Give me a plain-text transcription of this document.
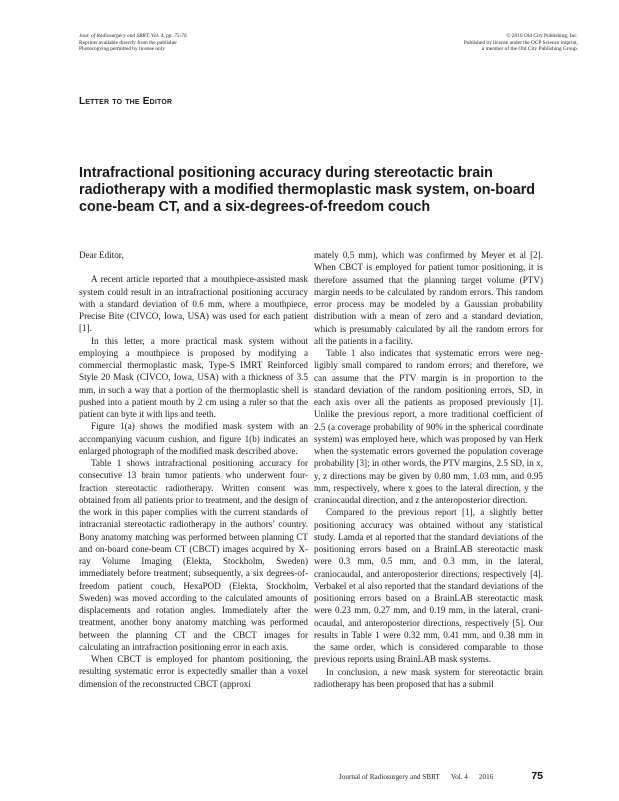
Jour. of Radiosurgery and SBRT, Vol. 4, pp. 75-76
Reprints available directly from the publisher
Photocopying permitted by license only
© 2016 Old City Publishing, Inc.
Published by license under the OCP Science imprint,
a member of the Old City Publishing Group.
Letter to the Editor
Intrafractional positioning accuracy during stereotactic brain radiotherapy with a modified thermoplastic mask system, on-board cone-beam CT, and a six-degrees-of-freedom couch

Dear Editor,

A recent article reported that a mouthpiece-assisted mask system could result in an intrafractional positioning accuracy with a standard deviation of 0.6 mm, where a mouthpiece, Precise Bite (CIVCO, Iowa, USA) was used for each patient [1].

In this letter, a more practical mask system without employing a mouthpiece is proposed by modifying a commercial thermoplastic mask, Type-S IMRT Reinforced Style 20 Mask (CIVCO, Iowa, USA) with a thickness of 3.5 mm, in such a way that a portion of the thermoplastic shell is pushed into a patient mouth by 2 cm using a ruler so that the patient can byte it with lips and teeth.

Figure 1(a) shows the modified mask system with an accompanying vacuum cushion, and figure 1(b) indicates an enlarged photograph of the modified mask described above.

Table 1 shows intrafractional positioning accuracy for consecutive 13 brain tumor patients who underwent four-fraction stereotactic radiotherapy. Written consent was obtained from all patients prior to treatment, and the design of the work in this paper complies with the current standards of intracranial stereotactic radiotherapy in the authors’ country. Bony anatomy matching was performed between planning CT and on-board cone-beam CT (CBCT) images acquired by X-ray Volume Imaging (Elekta, Stockholm, Sweden) immediately before treatment; subsequently, a six degrees-of-freedom patient couch, HexaPOD (Elekta, Stockholm, Sweden) was moved according to the calculated amounts of displacements and rotation angles. Immediately after the treatment, another bony anatomy matching was performed between the planning CT and the CBCT images for calculating an intrafraction positioning error in each axis.

When CBCT is employed for phantom positioning, the resulting systematic error is expectedly smaller than a voxel dimension of the reconstructed CBCT (approxi

mately 0.5 mm), which was confirmed by Meyer et al [2]. When CBCT is employed for patient tumor positioning, it is therefore assumed that the planning target volume (PTV) margin needs to be calculated by random errors. This random error process may be modeled by a Gaussian probability distribution with a mean of zero and a standard deviation, which is presumably calculated by all the random errors for all the patients in a facility.

Table 1 also indicates that systematic errors were negligibly small compared to random errors; and therefore, we can assume that the PTV margin is in proportion to the standard deviation of the random positioning errors, SD, in each axis over all the patients as proposed previously [1]. Unlike the previous report, a more traditional coefficient of 2.5 (a coverage probability of 90% in the spherical coordinate system) was employed here, which was proposed by van Herk when the systematic errors governed the population coverage probability [3]; in other words, the PTV margins, 2.5 SD, in x, y, z directions may be given by 0.80 mm, 1.03 mm, and 0.95 mm, respectively, where x goes to the lateral direction, y the craniocaudal direction, and z the anteroposterior direction.

Compared to the previous report [1], a slightly better positioning accuracy was obtained without any statistical study. Lamda et al reported that the standard deviations of the positioning errors based on a BrainLAB stereotactic mask were 0.3 mm, 0.5 mm, and 0.3 mm, in the lateral, craniocaudal, and anteroposterior directions, respectively [4]. Verbakel et al also reported that the standard deviations of the positioning errors based on a BrainLAB stereotactic mask were 0.23 mm, 0.27 mm, and 0.19 mm, in the lateral, craniocaudal, and anteroposterior directions, respectively [5]. Our results in Table 1 were 0.32 mm, 0.41 mm, and 0.38 mm in the same order, which is considered comparable to those previous reports using BrainLAB mask systems.

In conclusion, a new mask system for stereotactic brain radiotherapy has been proposed that has a submil

Journal of Radiosurgery and SBRT Vol. 4 2016	75
